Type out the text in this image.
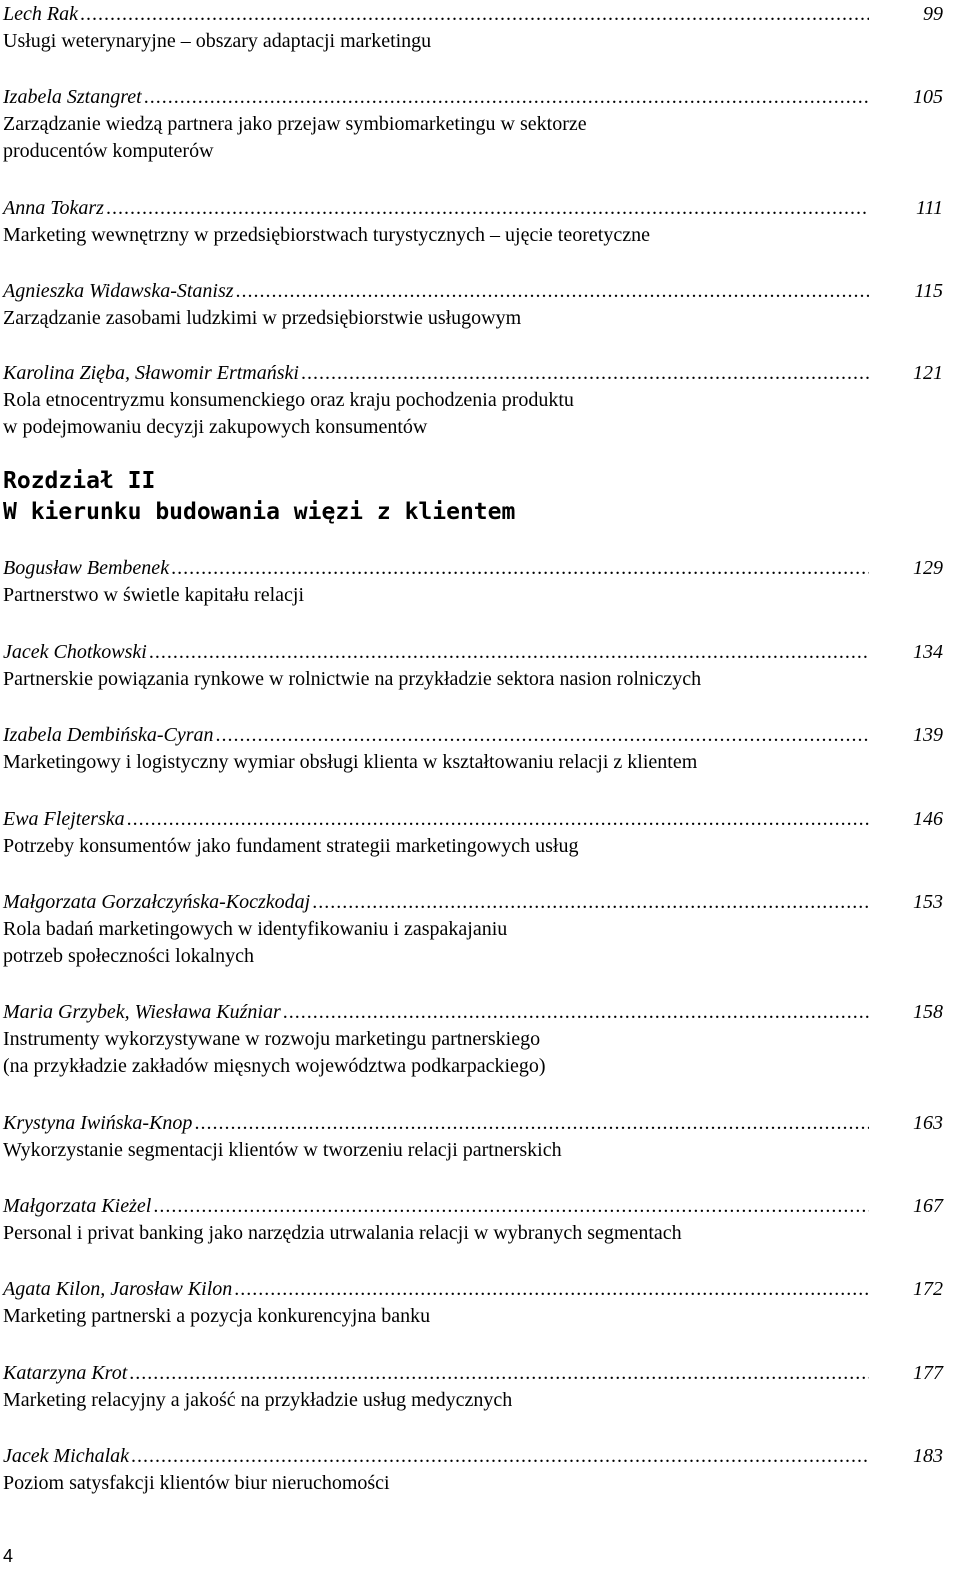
Lech Rak .....	99
Usługi weterynaryjne – obszary adaptacji marketingu
Izabela Sztangret .....	105
Zarządzanie wiedzą partnera jako przejaw symbiomarketingu w sektorze
producentów komputerów
Anna Tokarz .....	111
Marketing wewnętrzny w przedsiębiorstwach turystycznych – ujęcie teoretyczne
Agnieszka Widawska-Stanisz .....	115
Zarządzanie zasobami ludzkimi w przedsiębiorstwie usługowym
Karolina Zięba, Sławomir Ertmański .....	121
Rola etnocentryzmu konsumenckiego oraz kraju pochodzenia produktu
w podejmowaniu decyzji zakupowych konsumentów
Rozdział II
W kierunku budowania więzi z klientem
Bogusław Bembenek .....	129
Partnerstwo w świetle kapitału relacji
Jacek Chotkowski .....	134
Partnerskie powiązania rynkowe w rolnictwie na przykładzie sektora nasion rolniczych
Izabela Dembińska-Cyran .....	139
Marketingowy i logistyczny wymiar obsługi klienta w kształtowaniu relacji z klientem
Ewa Flejterska .....	146
Potrzeby konsumentów jako fundament strategii marketingowych usług
Małgorzata Gorzałczyńska-Koczkodaj .....	153
Rola badań marketingowych w identyfikowaniu i zaspakajaniu
potrzeb społeczności lokalnych
Maria Grzybek, Wiesława Kuźniar .....	158
Instrumenty wykorzystywane w rozwoju marketingu partnerskiego
(na przykładzie zakładów mięsnych województwa podkarpackiego)
Krystyna Iwińska-Knop .....	163
Wykorzystanie segmentacji klientów w tworzeniu relacji partnerskich
Małgorzata Kieżel .....	167
Personal i privat banking jako narzędzia utrwalania relacji w wybranych segmentach
Agata Kilon, Jarosław Kilon .....	172
Marketing partnerski a pozycja konkurencyjna banku
Katarzyna Krot .....	177
Marketing relacyjny a jakość na przykładzie usług medycznych
Jacek Michalak .....	183
Poziom satysfakcji klientów biur nieruchomości
4
